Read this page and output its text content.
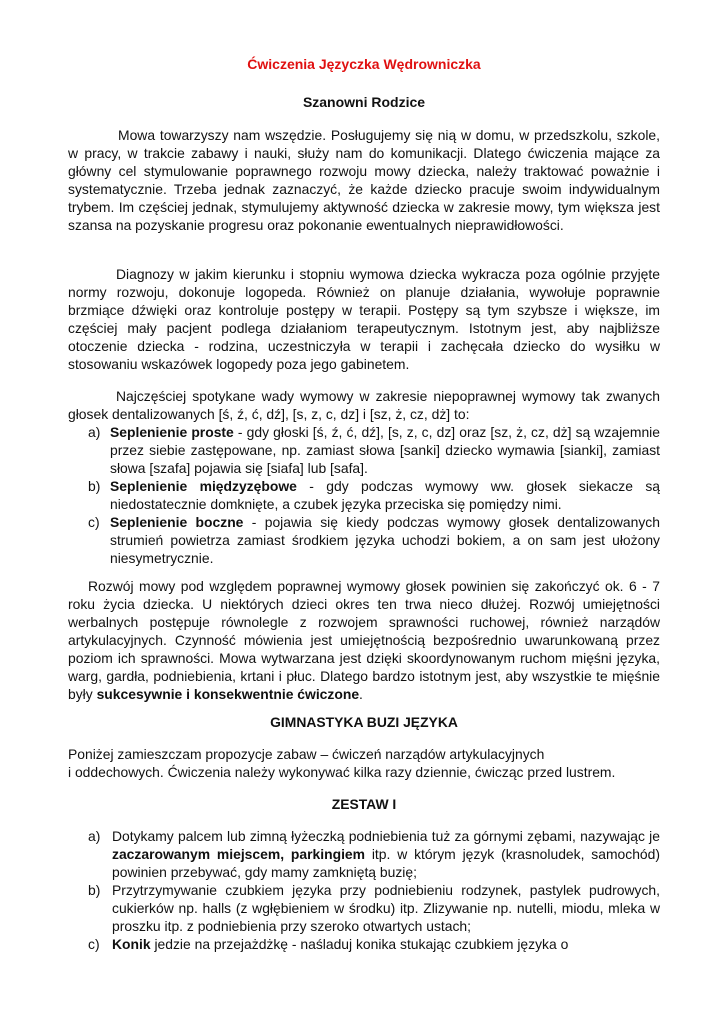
Ćwiczenia Języczka Wędrowniczka
Szanowni Rodzice
Mowa towarzyszy nam wszędzie. Posługujemy się nią w domu, w przedszkolu, szkole, w pracy, w trakcie zabawy i nauki, służy nam do komunikacji. Dlatego ćwiczenia mające za główny cel stymulowanie poprawnego rozwoju mowy dziecka, należy traktować poważnie i systematycznie. Trzeba jednak zaznaczyć, że każde dziecko pracuje swoim indywidualnym trybem. Im częściej jednak, stymulujemy aktywność dziecka w zakresie mowy, tym większa jest szansa na pozyskanie progresu oraz pokonanie ewentualnych nieprawidłowości.
Diagnozy w jakim kierunku i stopniu wymowa dziecka wykracza poza ogólnie przyjęte normy rozwoju, dokonuje logopeda. Również on planuje działania, wywołuje poprawnie brzmiące dźwięki oraz kontroluje postępy w terapii. Postępy są tym szybsze i większe, im częściej mały pacjent podlega działaniom terapeutycznym. Istotnym jest, aby najbliższe otoczenie dziecka - rodzina, uczestniczyła w terapii i zachęcała dziecko do wysiłku w stosowaniu wskazówek logopedy poza jego gabinetem.
Najczęściej spotykane wady wymowy w zakresie niepoprawnej wymowy tak zwanych głosek dentalizowanych [ś, ź, ć, dź], [s, z, c, dz] i [sz, ż, cz, dż] to:
a) Seplenienie proste - gdy głoski [ś, ź, ć, dź], [s, z, c, dz] oraz [sz, ż, cz, dż] są wzajemnie przez siebie zastępowane, np. zamiast słowa [sanki] dziecko wymawia [sianki], zamiast słowa [szafa] pojawia się [siafa] lub [safa].
b) Seplenienie międzyzębowe - gdy podczas wymowy ww. głosek siekacze są niedostatecznie domknięte, a czubek języka przeciska się pomiędzy nimi.
c) Seplenienie boczne - pojawia się kiedy podczas wymowy głosek dentalizowanych strumień powietrza zamiast środkiem języka uchodzi bokiem, a on sam jest ułożony niesymetrycznie.
Rozwój mowy pod względem poprawnej wymowy głosek powinien się zakończyć ok. 6 - 7 roku życia dziecka. U niektórych dzieci okres ten trwa nieco dłużej. Rozwój umiejętności werbalnych postępuje równolegle z rozwojem sprawności ruchowej, również narządów artykulacyjnych. Czynność mówienia jest umiejętnością bezpośrednio uwarunkowaną przez poziom ich sprawności. Mowa wytwarzana jest dzięki skoordynowanym ruchom mięśni języka, warg, gardła, podniebienia, krtani i płuc. Dlatego bardzo istotnym jest, aby wszystkie te mięśnie były sukcesywnie i konsekwentnie ćwiczone.
GIMNASTYKA BUZI JĘZYKA
Poniżej zamieszczam propozycje zabaw – ćwiczeń narządów artykulacyjnych
i oddechowych. Ćwiczenia należy wykonywać kilka razy dziennie, ćwicząc przed lustrem.
ZESTAW I
a) Dotykamy palcem lub zimną łyżeczką podniebienia tuż za górnymi zębami, nazywając je zaczarowanym miejscem, parkingiem itp. w którym język (krasnoludek, samochód) powinien przebywać, gdy mamy zamkniętą buzię;
b) Przytrzymywanie czubkiem języka przy podniebieniu rodzynek, pastylek pudrowych, cukierków np. halls (z wgłębieniem w środku) itp. Zlizywanie np. nutelli, miodu, mleka w proszku itp. z podniebienia przy szeroko otwartych ustach;
c) Konik jedzie na przejażdżkę - naśladuj konika stukając czubkiem języka o
